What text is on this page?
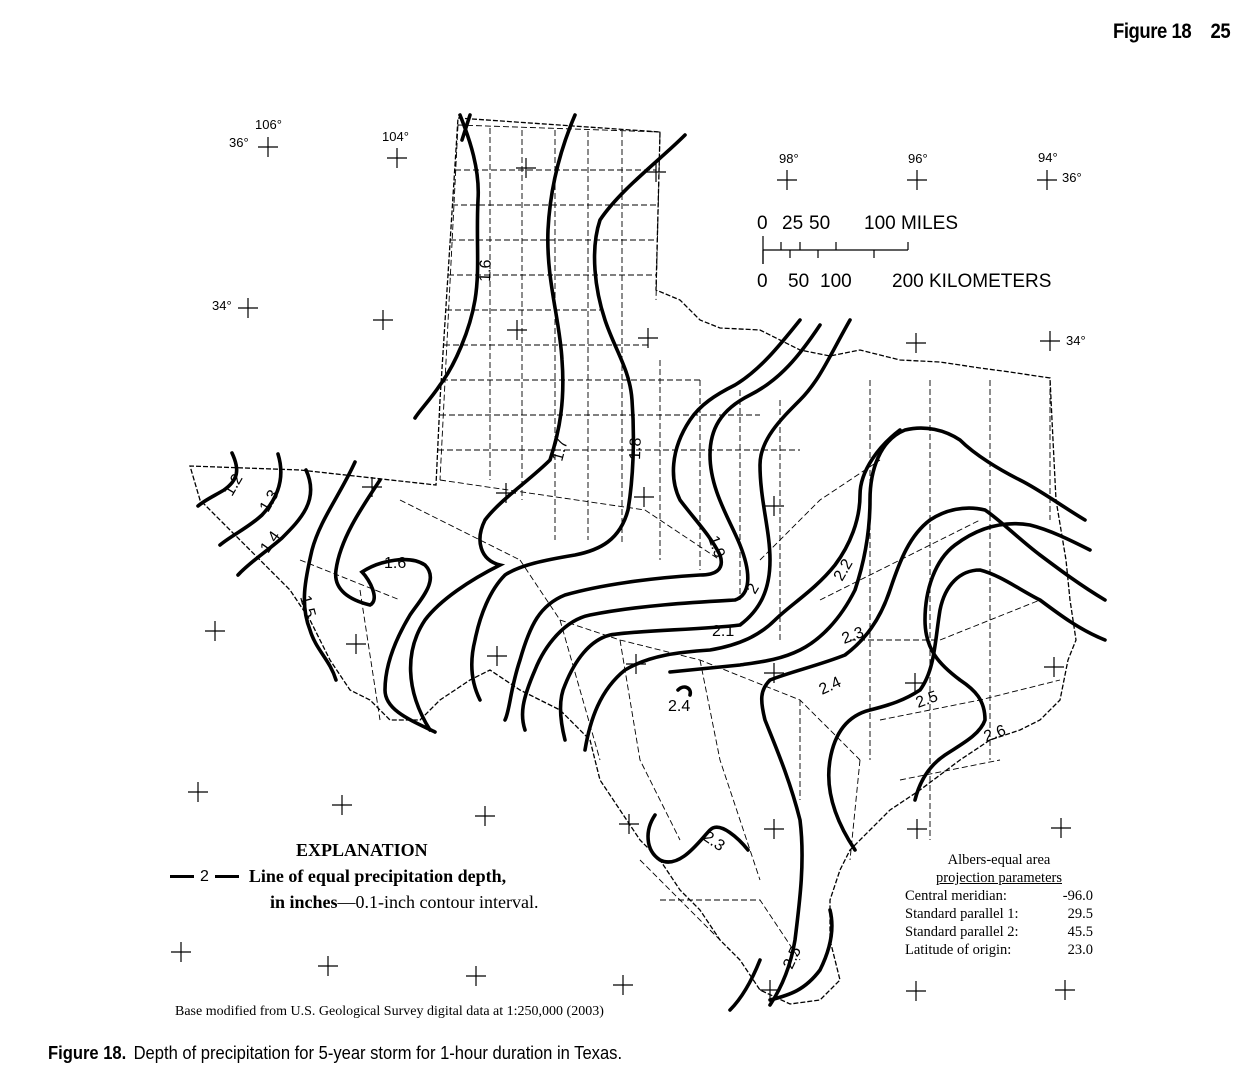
Figure 18 25
106°
104°
98°	96°	94°
36°
34°
36°
34°
0 25 50 100 MILES
0 50 100 200 KILOMETERS
1.2
1.3
1.4
1.5
1.6
1.6
1.7	1.8
1.9
2
2.1
2.2
2.3
2.4
2.4	2.5
2.6
2.3
2.5
EXPLANATION
2 Line of equal precipitation depth,
in inches—0.1-inch contour interval.
Albers-equal area
projection parameters
Central meridian:	-96.0
Standard parallel 1:	29.5
Standard parallel 2:	45.5
Latitude of origin:	23.0
Base modified from U.S. Geological Survey digital data at 1:250,000 (2003)
Figure 18. Depth of precipitation for 5-year storm for 1-hour duration in Texas.
